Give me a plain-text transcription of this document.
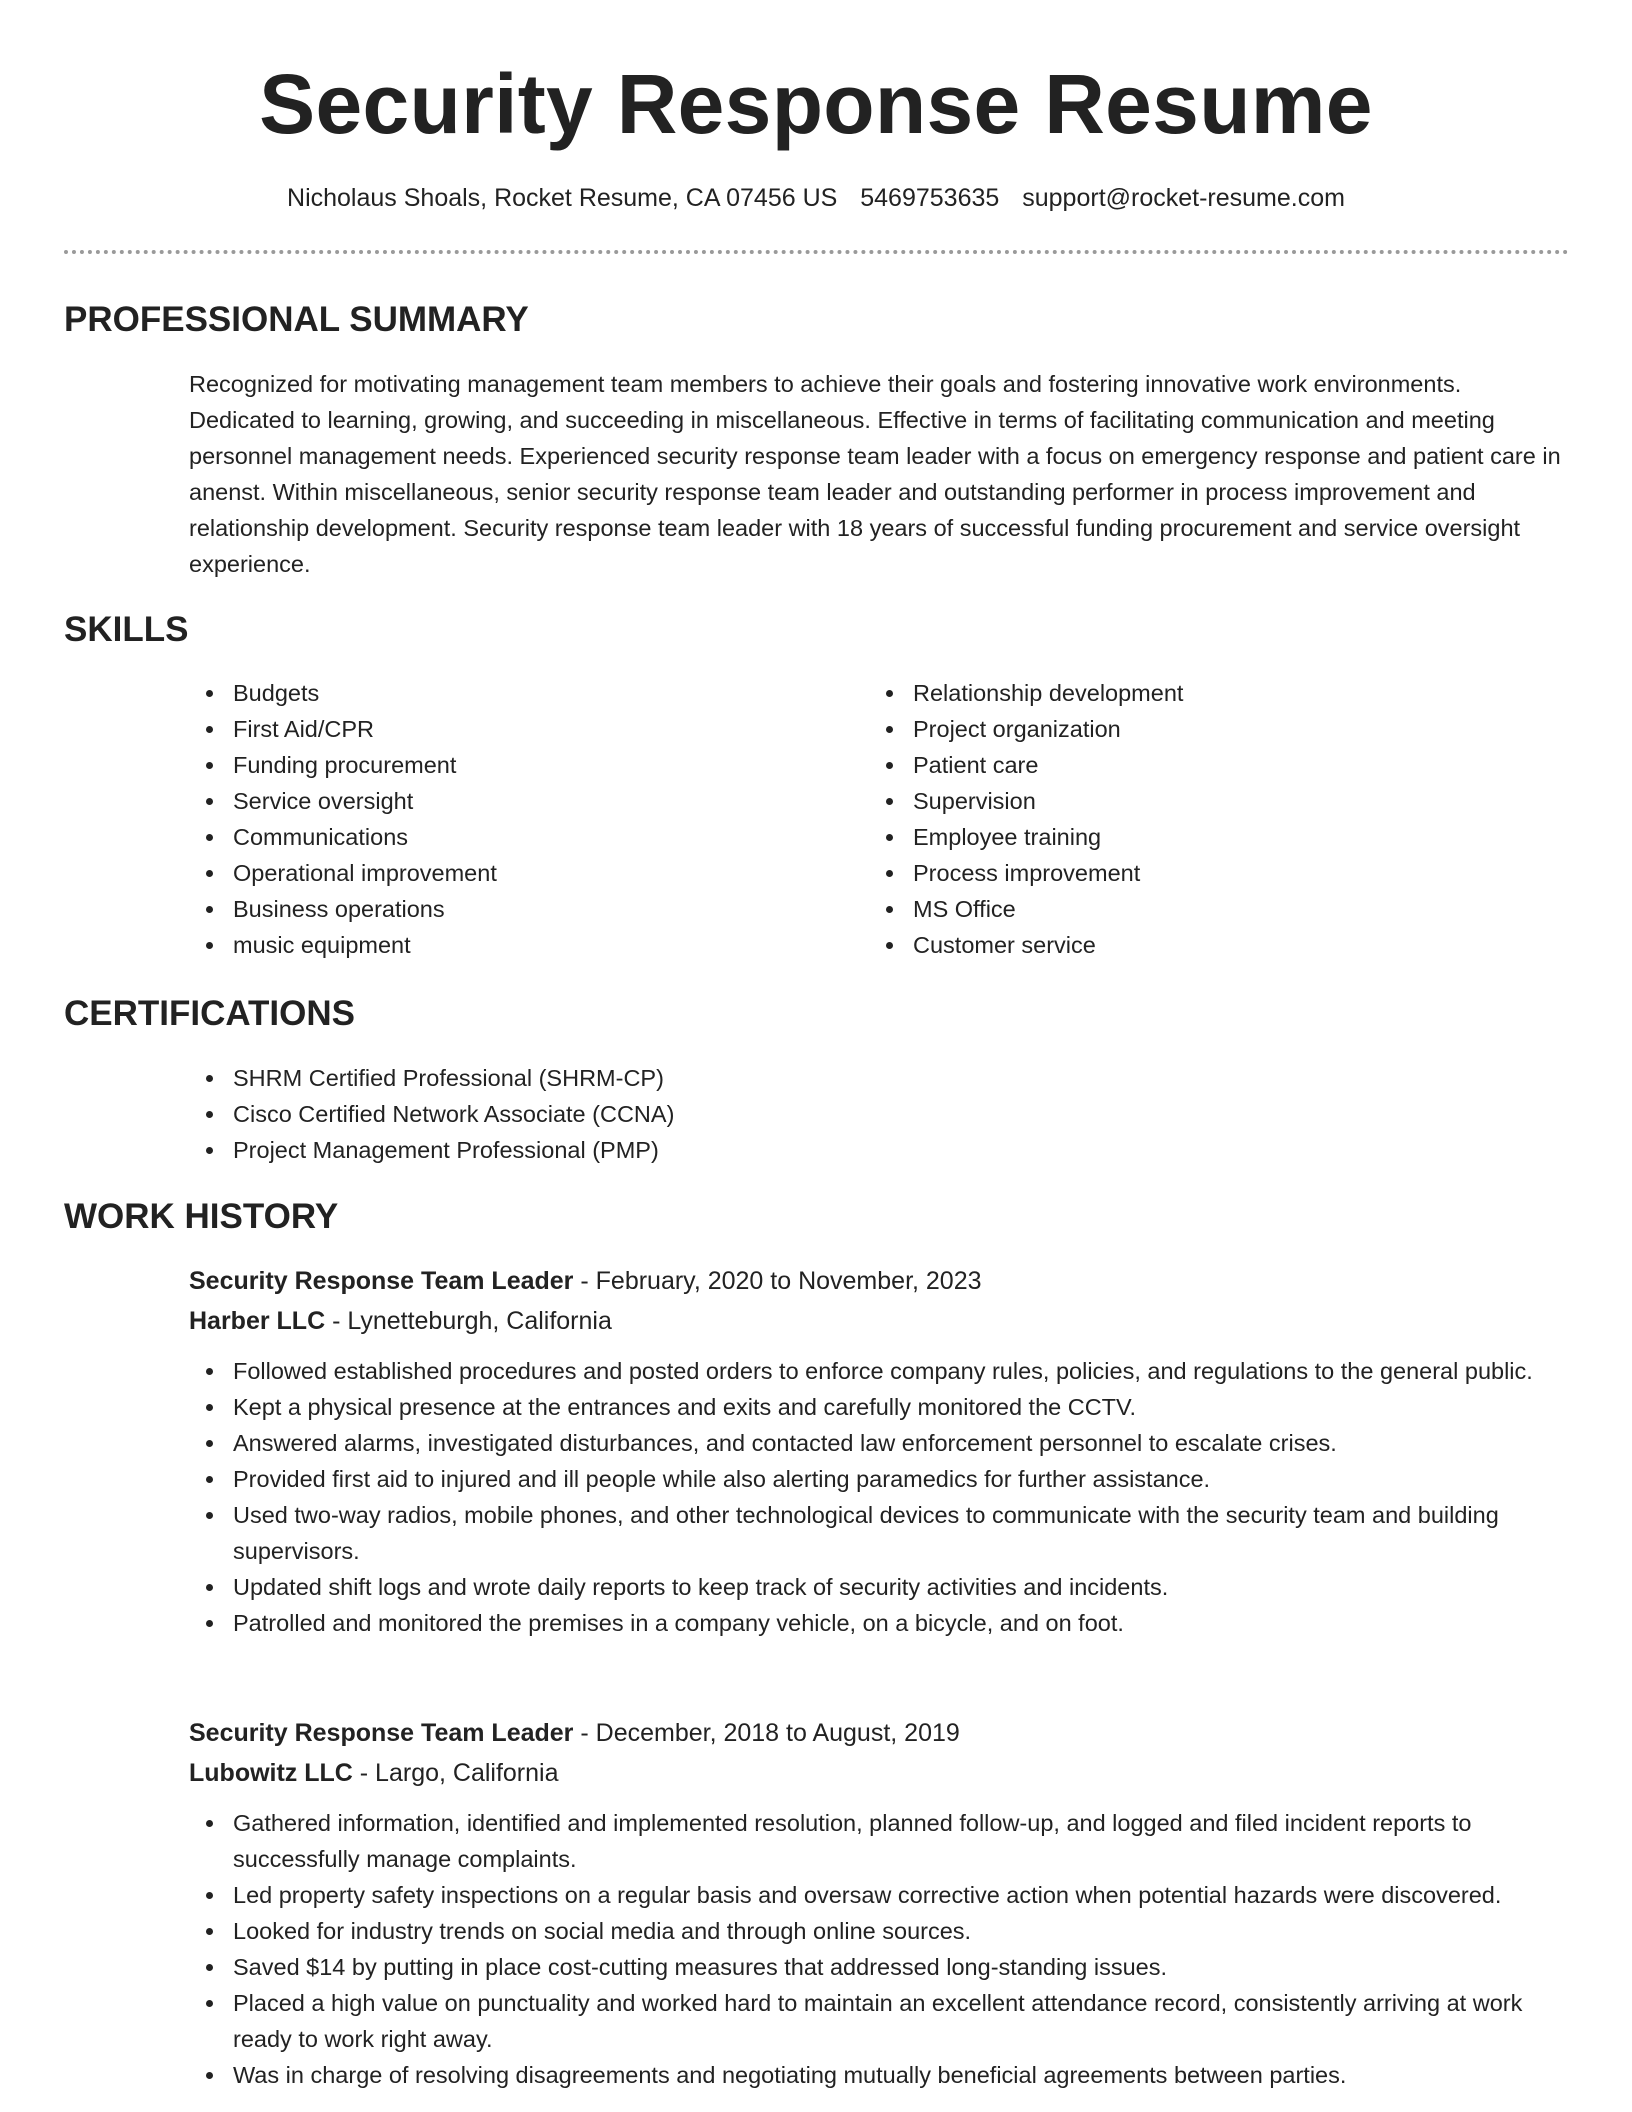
Security Response Resume
Nicholaus Shoals, Rocket Resume, CA 07456 US 5469753635 support@rocket-resume.com
PROFESSIONAL SUMMARY

Recognized for motivating management team members to achieve their goals and fostering innovative work environments. Dedicated to learning, growing, and succeeding in miscellaneous. Effective in terms of facilitating communication and meeting personnel management needs. Experienced security response team leader with a focus on emergency response and patient care in anenst. Within miscellaneous, senior security response team leader and outstanding performer in process improvement and relationship development. Security response team leader with 18 years of successful funding procurement and service oversight experience.

SKILLS
Budgets
First Aid/CPR
Funding procurement
Service oversight
Communications
Operational improvement
Business operations
music equipment
Relationship development
Project organization
Patient care
Supervision
Employee training
Process improvement
MS Office
Customer service
CERTIFICATIONS
SHRM Certified Professional (SHRM-CP)
Cisco Certified Network Associate (CCNA)
Project Management Professional (PMP)
WORK HISTORY
Security Response Team Leader - February, 2020 to November, 2023
Harber LLC - Lynetteburgh, California
Followed established procedures and posted orders to enforce company rules, policies, and regulations to the general public.
Kept a physical presence at the entrances and exits and carefully monitored the CCTV.
Answered alarms, investigated disturbances, and contacted law enforcement personnel to escalate crises.
Provided first aid to injured and ill people while also alerting paramedics for further assistance.
Used two-way radios, mobile phones, and other technological devices to communicate with the security team and building supervisors.
Updated shift logs and wrote daily reports to keep track of security activities and incidents.
Patrolled and monitored the premises in a company vehicle, on a bicycle, and on foot.
Security Response Team Leader - December, 2018 to August, 2019
Lubowitz LLC - Largo, California
Gathered information, identified and implemented resolution, planned follow-up, and logged and filed incident reports to successfully manage complaints.
Led property safety inspections on a regular basis and oversaw corrective action when potential hazards were discovered.
Looked for industry trends on social media and through online sources.
Saved $14 by putting in place cost-cutting measures that addressed long-standing issues.
Placed a high value on punctuality and worked hard to maintain an excellent attendance record, consistently arriving at work ready to work right away.
Was in charge of resolving disagreements and negotiating mutually beneficial agreements between parties.
